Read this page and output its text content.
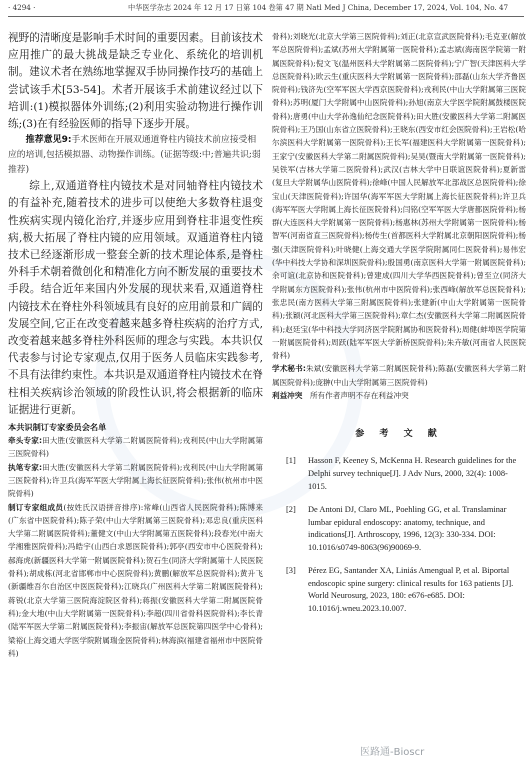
· 4294 ·	中华医学杂志 2024 年 12 月 17 日第 104 卷第 47 期 Natl Med J China, December 17, 2024, Vol. 104, No. 47

视野的清晰度是影响手术时间的重要因素。目前该技术应用推广的最大挑战是缺乏专业化、系统化的培训机制。建议术者在熟练地掌握双手协同操作技巧的基础上尝试该手术[53-54]。术者开展该手术前建议经过以下培训:(1)模拟器体外训练;(2)利用实验动物进行操作训练;(3)在有经验医师的指导下逐步开展。

推荐意见9:手术医师在开展双通道脊柱内镜技术前应接受相应的培训,包括模拟器、动物操作训练。(证据等级:中;普遍共识;弱推荐)

综上,双通道脊柱内镜技术是对同轴脊柱内镜技术的有益补充,随着技术的进步可以使绝大多数脊柱退变性疾病实现内镜化治疗,并逐步应用到脊柱非退变性疾病,极大拓展了脊柱内镜的应用领域。双通道脊柱内镜技术已经逐渐形成一整套全新的技术理论体系,是脊柱外科手术朝着微创化和精准化方向不断发展的重要技术手段。结合近年来国内外发展的现状来看,双通道脊柱内镜技术在脊柱外科领域具有良好的应用前景和广阔的发展空间,它正在改变着越来越多脊柱疾病的治疗方式,改变着越来越多脊柱外科医师的理念与实践。本共识仅代表参与讨论专家观点,仅用于医务人员临床实践参考,不具有法律约束性。本共识是双通道脊柱内镜技术在脊柱相关疾病诊治领域的阶段性认识,将会根据新的临床证据进行更新。

本共识制订专家委员会名单

牵头专家:田大胜(安徽医科大学第二附属医院骨科);戎利民(中山大学附属第三医院骨科)

执笔专家:田大胜(安徽医科大学第二附属医院骨科);戎利民(中山大学附属第三医院骨科);许卫兵(海军军医大学附属上海长征医院骨科);张伟(杭州市中医院骨科)

制订专家组成员(按姓氏汉语拼音排序):常峰(山西省人民医院骨科);陈博来(广东省中医院骨科);陈子荣(中山大学附属第三医院骨科);邓忠良(重庆医科大学第二附属医院骨科);董健文(中山大学附属第五医院骨科);段春光(中南大学湘雅医院骨科);冯皓宇(山西白求恩医院骨科);郭亭(西安市中心医院骨科);郝海虎(新疆医科大学第一附属医院骨科);贺石生(同济大学附属第十人民医院骨科);胡成栋(河北省邯郸市中心医院骨科);黄鹏(解放军总医院骨科);黄升飞(新疆维吾尔自治区中医医院骨科);江晓兵(广州医科大学第二附属医院骨科);蒋锐(北京大学第三医院海淀院区骨科);蒋振(安徽医科大学第二附属医院骨科);金大地(中山大学附属第一医院骨科);李超(四川省骨科医院骨科);李长青(陆军军医大学第二附属医院骨科);李振宙(解放军总医院第四医学中心骨科);梁裕(上海交通大学医学院附属瑞金医院骨科);林海滨(福建省福州市中医院骨科)

骨科);刘晓光(北京大学第三医院骨科);刘正(北京宣武医院骨科);毛克亚(解放军总医院骨科);孟斌(苏州大学附属第一医院骨科);孟志斌(海南医学院第一附属医院骨科);倪文飞(温州医科大学附属第二医院骨科);宁广智(天津医科大学总医院骨科);欧云生(重庆医科大学附属第一医院骨科);邵磊(山东大学齐鲁医院骨科);钱济先(空军军医大学西京医院骨科);戎利民(中山大学附属第三医院骨科);苏明(厦门大学附属中山医院骨科);孙旭(南京大学医学院附属鼓楼医院骨科);唐勇(中山大学孙逸仙纪念医院骨科);田大胜(安徽医科大学第二附属医院骨科);王乃国(山东省立医院骨科);王晓东(西安市红会医院骨科);王岩松(哈尔滨医科大学附属第一医院骨科);王长军(福建医科大学附属第一医院骨科);王家宁(安徽医科大学第二附属医院骨科);吴昊(暨南大学附属第一医院骨科);吴铁军(吉林大学第二医院骨科);武汉(吉林大学中日联谊医院骨科);夏新雷(复旦大学附属华山医院骨科);徐峰(中国人民解放军北部战区总医院骨科);徐宝山(天津医院骨科);许国华(海军军医大学附属上海长征医院骨科);许卫兵(海军军医大学附属上海长征医院骨科);闫铭(空军军医大学唐都医院骨科);杨群(大连医科大学附属第一医院骨科);杨惠林(苏州大学附属第一医院骨科);杨智军(河南省直三医院骨科);杨传生(首都医科大学附属北京朝阳医院骨科);杨强(天津医院骨科);叶晓健(上海交通大学医学院附属同仁医院骨科);易伟宏(华中科技大学协和深圳医院骨科);殷国勇(南京医科大学第一附属医院骨科);余可谊(北京协和医院骨科);曾建成(四川大学华西医院骨科);曾至立(同济大学附属东方医院骨科);张伟(杭州市中医院骨科);张西峰(解放军总医院骨科);张忠民(南方医科大学第三附属医院骨科);张建新(中山大学附属第一医院骨科);张颖(河北医科大学第三医院骨科);章仁杰(安徽医科大学第二附属医院骨科);赵廷宝(华中科技大学同济医学院附属协和医院骨科);周健(蚌埠医学院第一附属医院骨科);周跃(陆军军医大学新桥医院骨科);朱卉敏(河南省人民医院骨科)

学术秘书:朱斌(安徽医科大学第二附属医院骨科);陈磊(安徽医科大学第二附属医院骨科);庞翀(中山大学附属第三医院骨科)

利益冲突　 所有作者声明不存在利益冲突

参 考 文 献
[1]	Hasson F, Keeney S, McKenna H. Research guidelines for the Delphi survey technique[J]. J Adv Nurs, 2000, 32(4): 1008-1015.
[2]	De Antoni DJ, Claro ML, Poehling GG, et al. Translaminar lumbar epidural endoscopy: anatomy, technique, and indications[J]. Arthroscopy, 1996, 12(3): 330-334. DOI: 10.1016/s0749-8063(96)90069-9.
[3]	Pérez EG, Santander XA, Liniás Amengual P, et al. Biportal endoscopic spine surgery: clinical results for 163 patients [J]. World Neurosurg, 2023, 180: e676-e685. DOI: 10.1016/j.wneu.2023.10.007.
医路通-Bioscr
